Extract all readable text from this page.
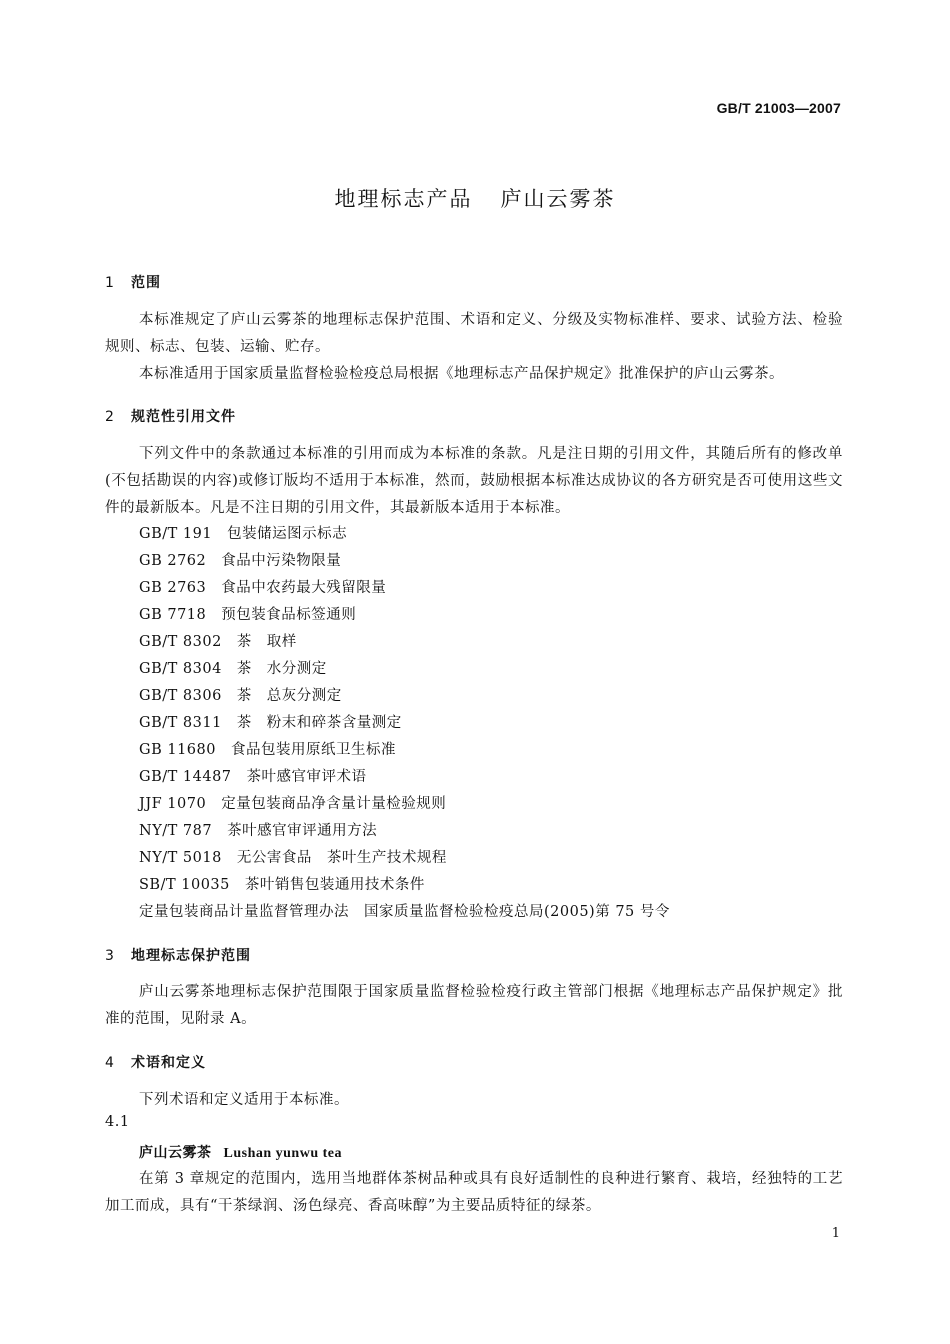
GB/T 21003—2007
地理标志产品 庐山云雾茶
1 范围
本标准规定了庐山云雾茶的地理标志保护范围、术语和定义、分级及实物标准样、要求、试验方法、检验规则、标志、包装、运输、贮存。
本标准适用于国家质量监督检验检疫总局根据《地理标志产品保护规定》批准保护的庐山云雾茶。
2 规范性引用文件
下列文件中的条款通过本标准的引用而成为本标准的条款。凡是注日期的引用文件，其随后所有的修改单(不包括勘误的内容)或修订版均不适用于本标准，然而，鼓励根据本标准达成协议的各方研究是否可使用这些文件的最新版本。凡是不注日期的引用文件，其最新版本适用于本标准。
GB/T 191　包装储运图示标志
GB 2762　食品中污染物限量
GB 2763　食品中农药最大残留限量
GB 7718　预包装食品标签通则
GB/T 8302　茶　取样
GB/T 8304　茶　水分测定
GB/T 8306　茶　总灰分测定
GB/T 8311　茶　粉末和碎茶含量测定
GB 11680　食品包装用原纸卫生标准
GB/T 14487　茶叶感官审评术语
JJF 1070　定量包装商品净含量计量检验规则
NY/T 787　茶叶感官审评通用方法
NY/T 5018　无公害食品　茶叶生产技术规程
SB/T 10035　茶叶销售包装通用技术条件
定量包装商品计量监督管理办法　国家质量监督检验检疫总局(2005)第 75 号令
3 地理标志保护范围
庐山云雾茶地理标志保护范围限于国家质量监督检验检疫行政主管部门根据《地理标志产品保护规定》批准的范围，见附录 A。
4 术语和定义
下列术语和定义适用于本标准。
4.1
庐山云雾茶 Lushan yunwu tea
在第 3 章规定的范围内，选用当地群体茶树品种或具有良好适制性的良种进行繁育、栽培，经独特的工艺加工而成，具有“干茶绿润、汤色绿亮、香高味醇”为主要品质特征的绿茶。
1
